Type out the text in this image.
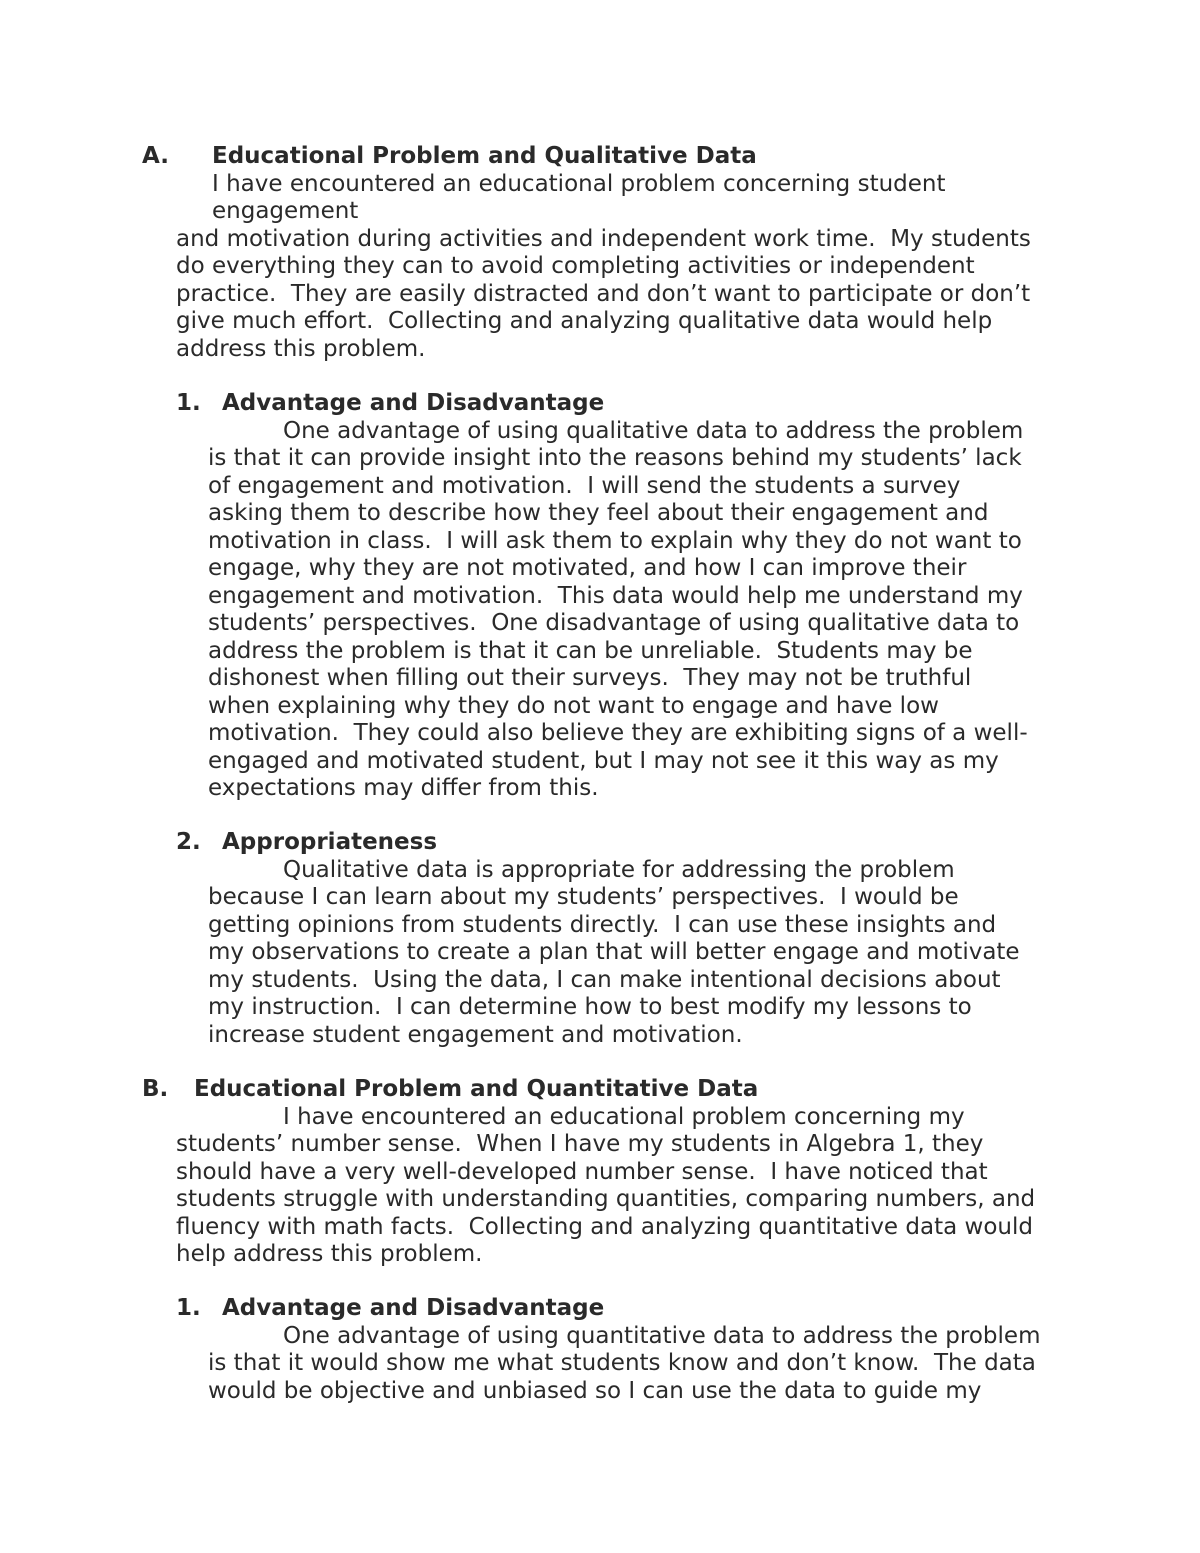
A. Educational Problem and Qualitative Data
I have encountered an educational problem concerning student
engagement
and motivation during activities and independent work time.  My students
do everything they can to avoid completing activities or independent
practice.  They are easily distracted and don’t want to participate or don’t
give much effort.  Collecting and analyzing qualitative data would help
address this problem.
1. Advantage and Disadvantage
One advantage of using qualitative data to address the problem
is that it can provide insight into the reasons behind my students’ lack
of engagement and motivation.  I will send the students a survey
asking them to describe how they feel about their engagement and
motivation in class.  I will ask them to explain why they do not want to
engage, why they are not motivated, and how I can improve their
engagement and motivation.  This data would help me understand my
students’ perspectives.  One disadvantage of using qualitative data to
address the problem is that it can be unreliable.  Students may be
dishonest when filling out their surveys.  They may not be truthful
when explaining why they do not want to engage and have low
motivation.  They could also believe they are exhibiting signs of a well-
engaged and motivated student, but I may not see it this way as my
expectations may differ from this.
2. Appropriateness
Qualitative data is appropriate for addressing the problem
because I can learn about my students’ perspectives.  I would be
getting opinions from students directly.  I can use these insights and
my observations to create a plan that will better engage and motivate
my students.  Using the data, I can make intentional decisions about
my instruction.  I can determine how to best modify my lessons to
increase student engagement and motivation.
B. Educational Problem and Quantitative Data
I have encountered an educational problem concerning my
students’ number sense.  When I have my students in Algebra 1, they
should have a very well-developed number sense.  I have noticed that
students struggle with understanding quantities, comparing numbers, and
fluency with math facts.  Collecting and analyzing quantitative data would
help address this problem.
1. Advantage and Disadvantage
One advantage of using quantitative data to address the problem
is that it would show me what students know and don’t know.  The data
would be objective and unbiased so I can use the data to guide my
